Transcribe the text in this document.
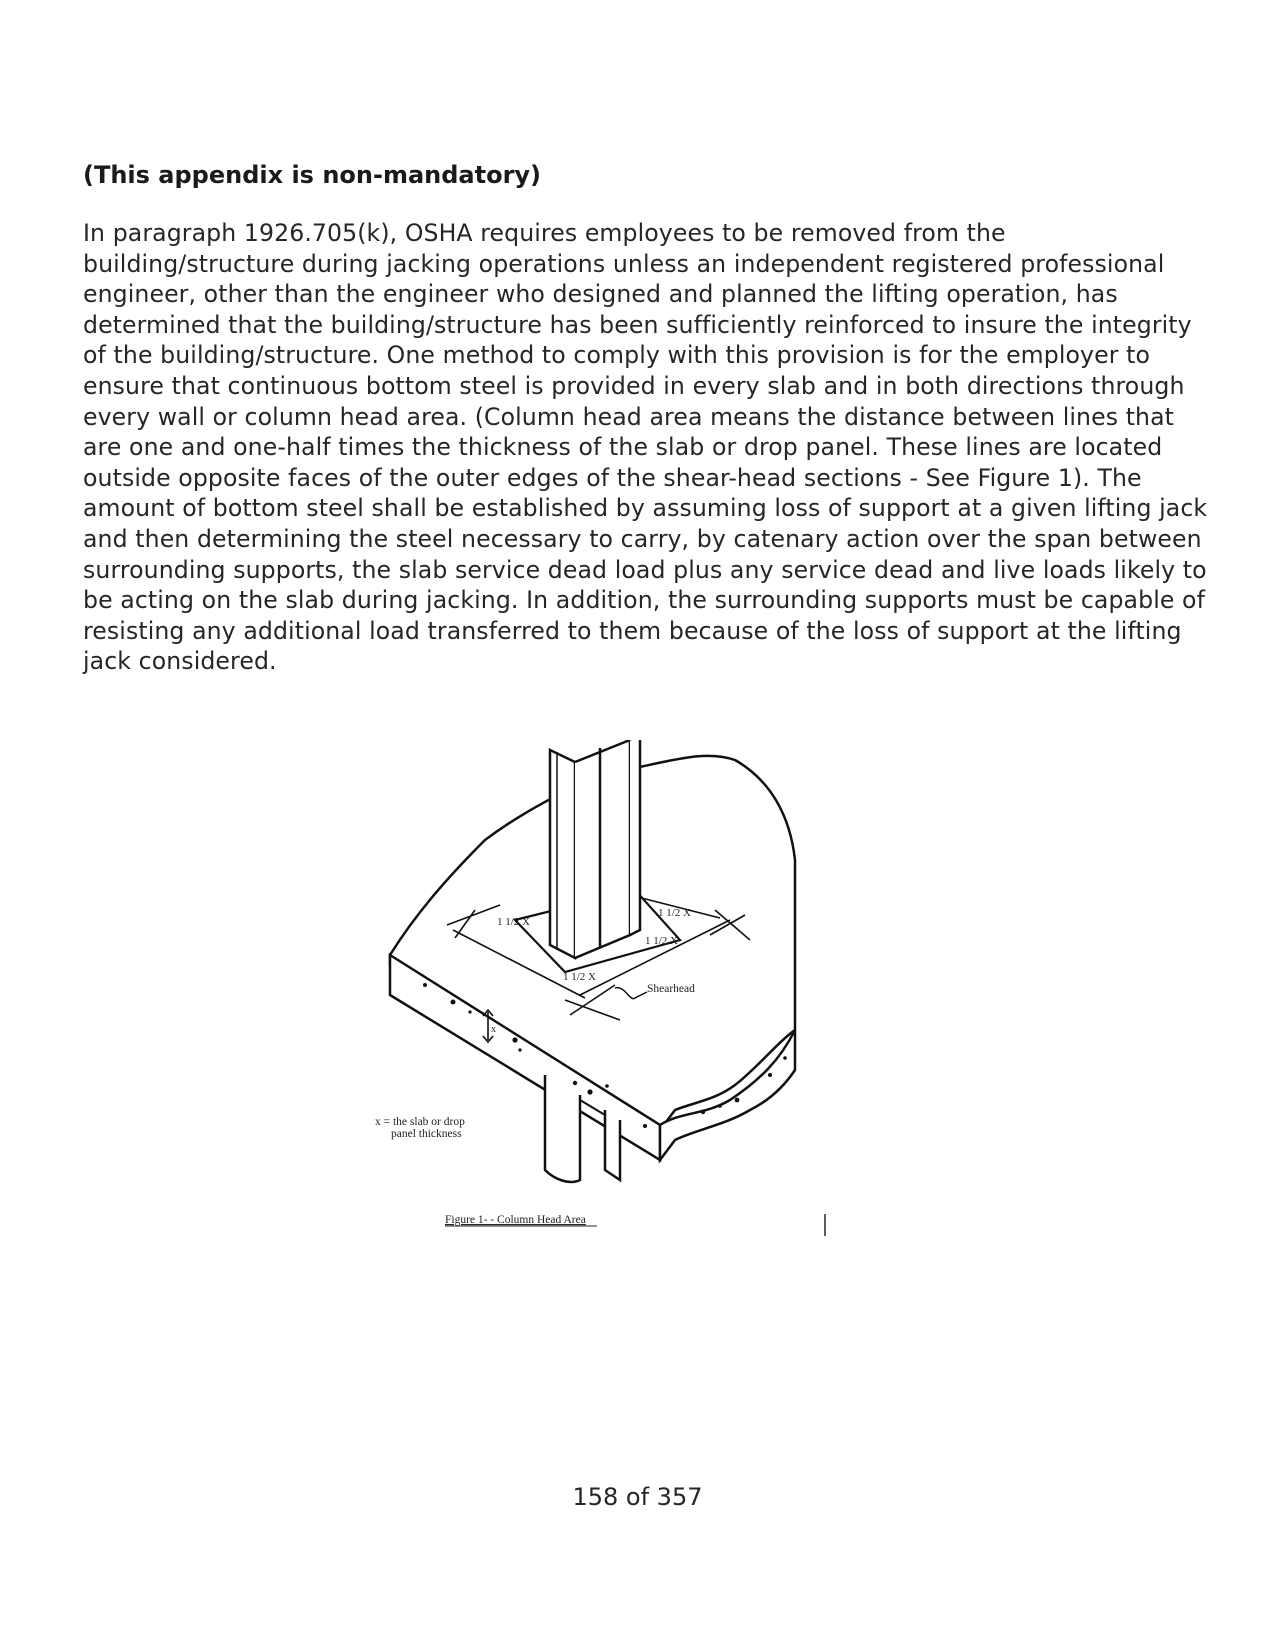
(This appendix is non-mandatory)

In paragraph 1926.705(k), OSHA requires employees to be removed from the building/structure during jacking operations unless an independent registered professional engineer, other than the engineer who designed and planned the lifting operation, has determined that the building/structure has been sufficiently reinforced to insure the integrity of the building/structure. One method to comply with this provision is for the employer to ensure that continuous bottom steel is provided in every slab and in both directions through every wall or column head area. (Column head area means the distance between lines that are one and one-half times the thickness of the slab or drop panel. These lines are located outside opposite faces of the outer edges of the shear-head sections - See Figure 1). The amount of bottom steel shall be established by assuming loss of support at a given lifting jack and then determining the steel necessary to carry, by catenary action over the span between surrounding supports, the slab service dead load plus any service dead and live loads likely to be acting on the slab during jacking. In addition, the surrounding supports must be capable of resisting any additional load transferred to them because of the loss of support at the lifting jack considered.

x
1 1/2 X
1 1/2 X
1 1/2 X
1 1/2 X
Shearhead
x = the slab or drop
panel thickness
Figure 1- - Column Head Area
158 of 357
